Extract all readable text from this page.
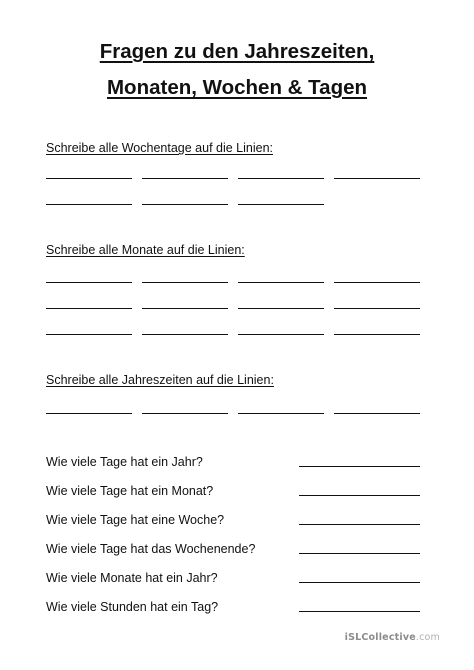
Fragen zu den Jahreszeiten,
Monaten, Wochen & Tagen
Schreibe alle Wochentage auf die Linien:
Schreibe alle Monate auf die Linien:
Schreibe alle Jahreszeiten auf die Linien:
Wie viele Tage hat ein Jahr?
Wie viele Tage hat ein Monat?
Wie viele Tage hat eine Woche?
Wie viele Tage hat das Wochenende?
Wie viele Monate hat ein Jahr?
Wie viele Stunden hat ein Tag?
iSLCollective.com
